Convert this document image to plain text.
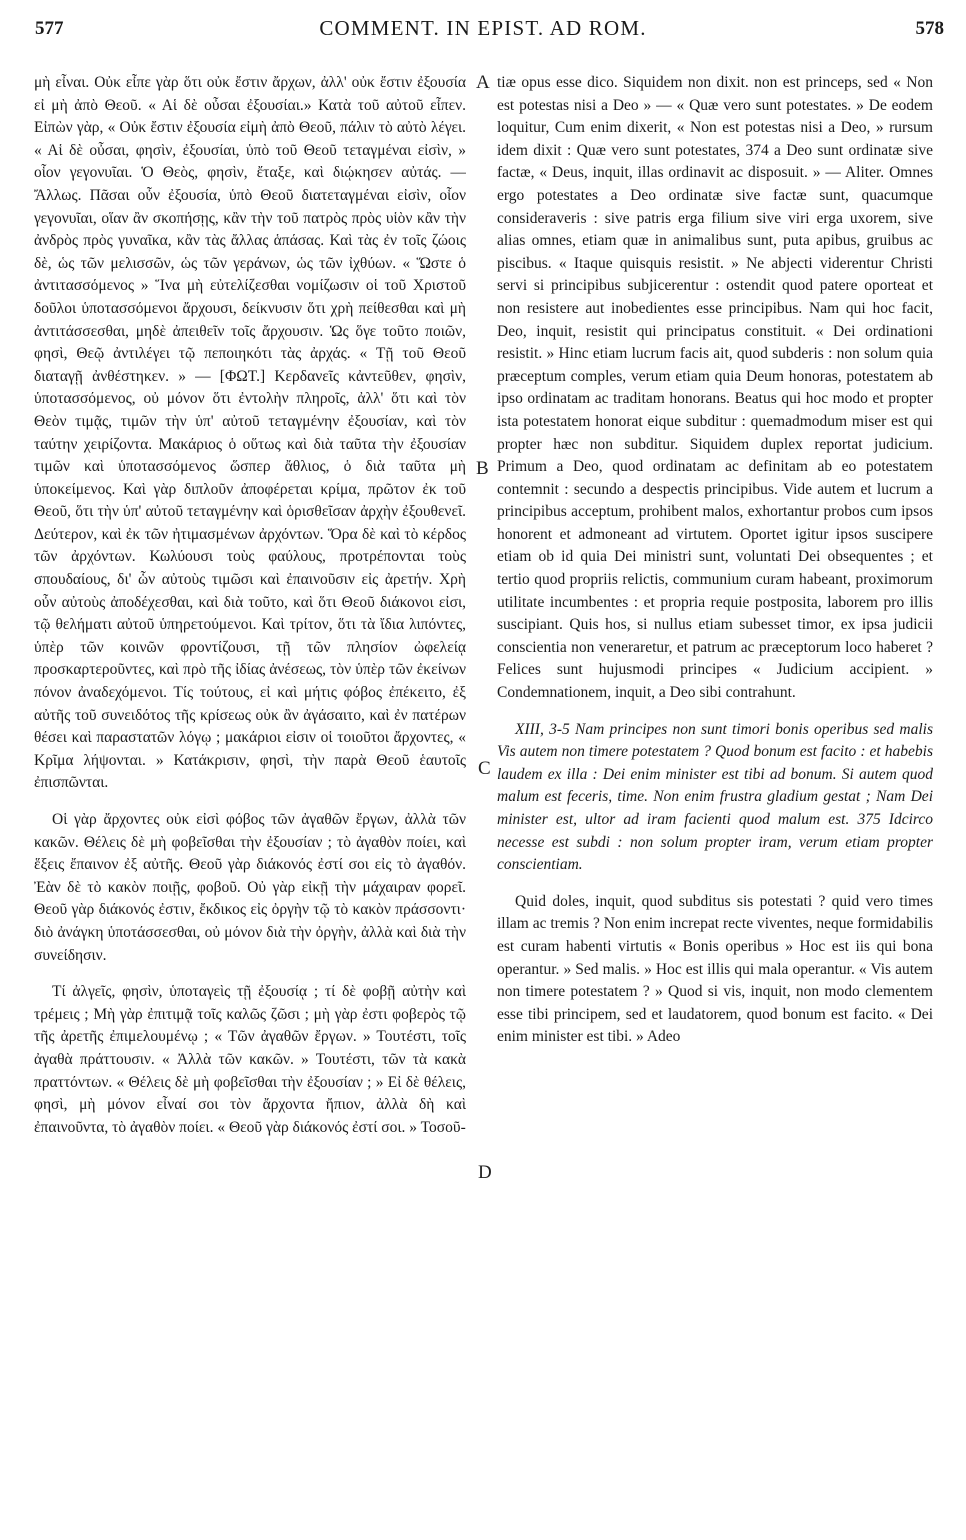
577	COMMENT. IN EPIST. AD ROM.	578

μὴ εἶναι. Οὐκ εἶπε γὰρ ὅτι οὐκ ἔστιν ἄρχων, ἀλλ' οὐκ ἔστιν ἐξουσία εἰ μὴ ἀπὸ Θεοῦ. « Αἱ δὲ οὖσαι ἐξουσίαι.» Κατὰ τοῦ αὐτοῦ εἶπεν. Εἰπὼν γὰρ, « Οὐκ ἔστιν ἐξουσία εἰμὴ ἀπὸ Θεοῦ, πάλιν τὸ αὐτὸ λέγει. « Αἱ δὲ οὖσαι, φησὶν, ἐξουσίαι, ὑπὸ τοῦ Θεοῦ τεταγμέναι εἰσὶν, » οἷον γεγονυῖαι. Ὁ Θεὸς, φησὶν, ἔταξε, καὶ διῴκησεν αὐτάς. — Ἄλλως. Πᾶσαι οὖν ἐξουσία, ὑπὸ Θεοῦ διατεταγμέναι εἰσὶν, οἷον γεγονυῖαι, οἵαν ἂν σκοπήσῃς, κἂν τὴν τοῦ πατρὸς πρὸς υἱὸν κἂν τὴν ἀνδρὸς πρὸς γυναῖκα, κἂν τὰς ἄλλας ἁπάσας. Καὶ τὰς ἐν τοῖς ζώοις δὲ, ὡς τῶν μελισσῶν, ὡς τῶν γεράνων, ὡς τῶν ἰχθύων. « Ὥστε ὁ ἀντιτασσόμενος » Ἵνα μὴ εὐτελίζεσθαι νομίζωσιν οἱ τοῦ Χριστοῦ δοῦλοι ὑποτασσόμενοι ἄρχουσι, δείκνυσιν ὅτι χρὴ πείθεσθαι καὶ μὴ ἀντιτάσσεσθαι, μηδὲ ἀπειθεῖν τοῖς ἄρχουσιν. Ὡς ὅγε τοῦτο ποιῶν, φησὶ, Θεῷ ἀντιλέγει τῷ πεποιηκότι τὰς ἀρχάς. « Τῇ τοῦ Θεοῦ διαταγῇ ἀνθέστηκεν. » — [ΦΩΤ.] Κερδανεῖς κἀντεῦθεν, φησὶν, ὑποτασσόμενος, οὐ μόνον ὅτι ἐντολὴν πληροῖς, ἀλλ' ὅτι καὶ τὸν Θεὸν τιμᾷς, τιμῶν τὴν ὑπ' αὐτοῦ τεταγμένην ἐξουσίαν, καὶ τὸν ταύτην χειρίζοντα. Μακάριος ὁ οὕτως καὶ διὰ ταῦτα τὴν ἐξουσίαν τιμῶν καὶ ὑποτασσόμενος ὥσπερ ἄθλιος, ὁ διὰ ταῦτα μὴ ὑποκείμενος. Καὶ γὰρ διπλοῦν ἀποφέρεται κρίμα, πρῶτον ἐκ τοῦ Θεοῦ, ὅτι τὴν ὑπ' αὐτοῦ τεταγμένην καὶ ὁρισθεῖσαν ἀρχὴν ἐξουθενεῖ. Δεύτερον, καὶ ἐκ τῶν ἠτιμασμένων ἀρχόντων. Ὅρα δὲ καὶ τὸ κέρδος τῶν ἀρχόντων. Κωλύουσι τοὺς φαύλους, προτρέπονται τοὺς σπουδαίους, δι' ὧν αὐτοὺς τιμῶσι καὶ ἐπαινοῦσιν εἰς ἀρετήν. Χρὴ οὖν αὐτοὺς ἀποδέχεσθαι, καὶ διὰ τοῦτο, καὶ ὅτι Θεοῦ διάκονοι εἰσι, τῷ θελήματι αὐτοῦ ὑπηρετούμενοι. Καὶ τρίτον, ὅτι τὰ ἴδια λιπόντες, ὑπὲρ τῶν κοινῶν φροντίζουσι, τῇ τῶν πλησίον ὠφελείᾳ προσκαρτεροῦντες, καὶ πρὸ τῆς ἰδίας ἀνέσεως, τὸν ὑπὲρ τῶν ἐκείνων πόνον ἀναδεχόμενοι. Τίς τούτους, εἰ καὶ μήτις φόβος ἐπέκειτο, ἐξ αὐτῆς τοῦ συνειδότος τῆς κρίσεως οὐκ ἂν ἀγάσαιτο, καὶ ἐν πατέρων θέσει καὶ παραστατῶν λόγῳ ; μακάριοι εἰσιν οἱ τοιοῦτοι ἄρχοντες, « Κρῖμα λήψονται. » Κατάκρισιν, φησὶ, τὴν παρὰ Θεοῦ ἑαυτοῖς ἐπισπῶνται.

Οἱ γὰρ ἄρχοντες οὐκ εἰσὶ φόβος τῶν ἀγαθῶν ἔργων, ἀλλὰ τῶν κακῶν. Θέλεις δὲ μὴ φοβεῖσθαι τὴν ἐξουσίαν ; τὸ ἀγαθὸν ποίει, καὶ ἕξεις ἔπαινον ἐξ αὐτῆς. Θεοῦ γὰρ διάκονός ἐστί σοι εἰς τὸ ἀγαθόν. Ἐὰν δὲ τὸ κακὸν ποιῇς, φοβοῦ. Οὐ γὰρ εἰκῇ τὴν μάχαιραν φορεῖ. Θεοῦ γὰρ διάκονός ἐστιν, ἔκδικος εἰς ὀργὴν τῷ τὸ κακὸν πράσσοντι· διὸ ἀνάγκη ὑποτάσσεσθαι, οὐ μόνον διὰ τὴν ὀργὴν, ἀλλὰ καὶ διὰ τὴν συνείδησιν.

Τί ἀλγεῖς, φησὶν, ὑποταγεὶς τῇ ἐξουσίᾳ ; τί δὲ φοβῇ αὐτὴν καὶ τρέμεις ; Μὴ γὰρ ἐπιτιμᾷ τοῖς καλῶς ζῶσι ; μὴ γὰρ ἐστι φοβερὸς τῷ τῆς ἀρετῆς ἐπιμελουμένῳ ; « Τῶν ἀγαθῶν ἔργων. » Τουτέστι, τοῖς ἀγαθὰ πράττουσιν. « Ἀλλὰ τῶν κακῶν. » Τουτέστι, τῶν τὰ κακὰ πραττόντων. « Θέλεις δὲ μὴ φοβεῖσθαι τὴν ἐξουσίαν ; » Εἰ δὲ θέλεις, φησὶ, μὴ μόνον εἶναί σοι τὸν ἄρχοντα ἤπιον, ἀλλὰ δὴ καὶ ἐπαινοῦντα, τὸ ἀγαθὸν ποίει. « Θεοῦ γὰρ διάκονός ἐστί σοι. » Τοσοῦ-

A
B
C
D

tiæ opus esse dico. Siquidem non dixit. non est princeps, sed « Non est potestas nisi a Deo » — « Quæ vero sunt potestates. » De eodem loquitur, Cum enim dixerit, « Non est potestas nisi a Deo, » rursum idem dixit : Quæ vero sunt potestates, 374 a Deo sunt ordinatæ sive factæ, « Deus, inquit, illas ordinavit ac disposuit. » — Aliter. Omnes ergo potestates a Deo ordinatæ sive factæ sunt, quacumque consideraveris : sive patris erga filium sive viri erga uxorem, sive alias omnes, etiam quæ in animalibus sunt, puta apibus, gruibus ac piscibus. « Itaque quisquis resistit. » Ne abjecti viderentur Christi servi si principibus subjicerentur : ostendit quod patere oporteat et non resistere aut inobedientes esse principibus. Nam qui hoc facit, Deo, inquit, resistit qui principatus constituit. « Dei ordinationi resistit. » Hinc etiam lucrum facis ait, quod subderis : non solum quia præceptum comples, verum etiam quia Deum honoras, potestatem ab ipso ordinatam ac traditam honorans. Beatus qui hoc modo et propter ista potestatem honorat eique subditur : quemadmodum miser est qui propter hæc non subditur. Siquidem duplex reportat judicium. Primum a Deo, quod ordinatam ac definitam ab eo potestatem contemnit : secundo a despectis principibus. Vide autem et lucrum a principibus acceptum, prohibent malos, exhortantur probos cum ipsos honorent et admoneant ad virtutem. Oportet igitur ipsos suscipere etiam ob id quia Dei ministri sunt, voluntati Dei obsequentes ; et tertio quod propriis relictis, communium curam habeant, proximorum utilitate incumbentes : et propria requie postposita, laborem pro illis suscipiant. Quis hos, si nullus etiam subesset timor, ex ipsa judicii conscientia non veneraretur, et patrum ac præceptorum loco haberet ? Felices sunt hujusmodi principes « Judicium accipient. » Condemnationem, inquit, a Deo sibi contrahunt.

XIII, 3-5 Nam principes non sunt timori bonis operibus sed malis Vis autem non timere potestatem ? Quod bonum est facito : et habebis laudem ex illa : Dei enim minister est tibi ad bonum. Si autem quod malum est feceris, time. Non enim frustra gladium gestat ; Nam Dei minister est, ultor ad iram facienti quod malum est. 375 Idcirco necesse est subdi : non solum propter iram, verum etiam propter conscientiam.

Quid doles, inquit, quod subditus sis potestati ? quid vero times illam ac tremis ? Non enim increpat recte viventes, neque formidabilis est curam habenti virtutis « Bonis operibus » Hoc est iis qui bona operantur. » Sed malis. » Hoc est illis qui mala operantur. « Vis autem non timere potestatem ? » Quod si vis, inquit, non modo clementem esse tibi principem, sed et laudatorem, quod bonum est facito. « Dei enim minister est tibi. » Adeo
